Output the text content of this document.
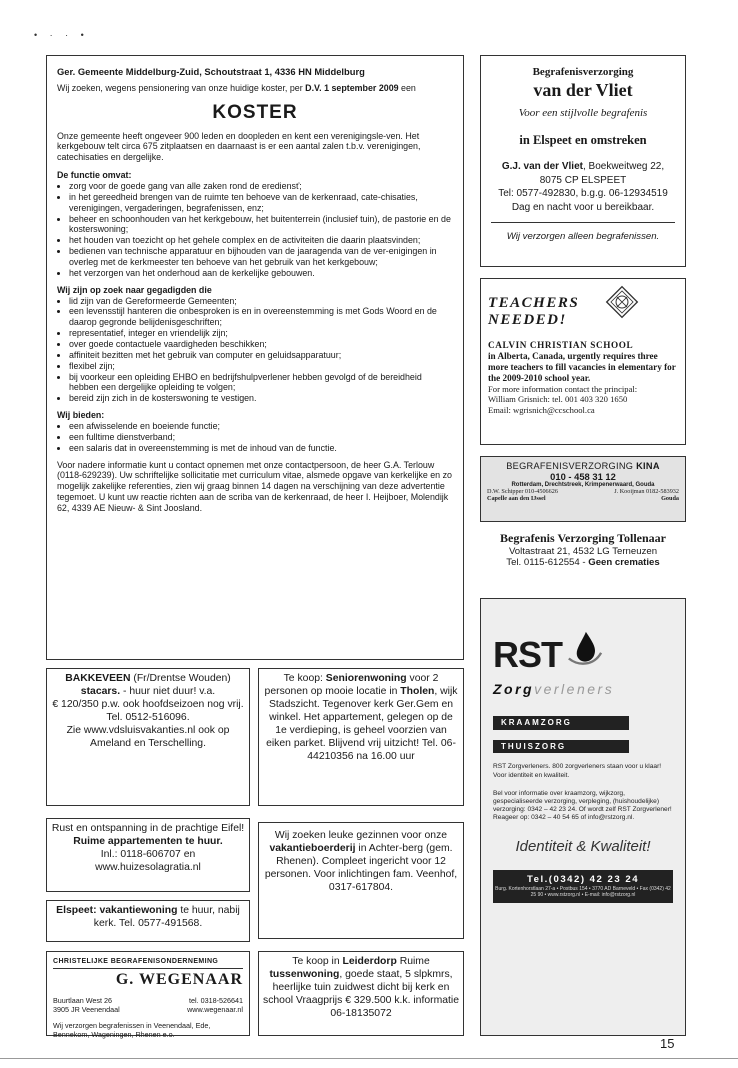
• · · •
Ger. Gemeente Middelburg-Zuid, Schoutstraat 1, 4336 HN Middelburg

Wij zoeken, wegens pensionering van onze huidige koster, per D.V. 1 september 2009 een

KOSTER

Onze gemeente heeft ongeveer 900 leden en doopleden en kent een verenigingsle-ven. Het kerkgebouw telt circa 675 zitplaatsen en daarnaast is er een aantal zalen t.b.v. verenigingen, catechisaties en dergelijke.

De functie omvat:
• zorg voor de goede gang van alle zaken rond de erediensť;
• in het gereedheid brengen van de ruimte ten behoeve van de kerkenraad, cate-chisaties, verenigingen, vergaderingen, begrafenissen, enz;
• beheer en schoonhouden van het kerkgebouw, het buitenterrein (inclusief tuin), de pastorie en de kosterswoning;
• het houden van toezicht op het gehele complex en de activiteiten die daarin plaatsvinden;
• bedienen van technische apparatuur en bijhouden van de jaaragenda van de ver-enigingen in overleg met de kerkmeester ten behoeve van het gebruik van het kerkgebouw;
• het verzorgen van het onderhoud aan de kerkelijke gebouwen.
Wij zijn op zoek naar gegadigden die
• lid zijn van de Gereformeerde Gemeenten;
• een levensstijl hanteren die onbesproken is en in overeenstemming is met Gods Woord en de daarop gegronde belijdenisgeschriften;
• representatief, integer en vriendelijk zijn;
• over goede contactuele vaardigheden beschikken;
• affiniteit bezitten met het gebruik van computer en geluidsapparatuur;
• flexibel zijn;
• bij voorkeur een opleiding EHBO en bedrijfshulpverlener hebben gevolgd of de bereidheid hebben een dergelijke opleiding te volgen;
• bereid zijn zich in de kosterswoning te vestigen.
Wij bieden:
• een afwisselende en boeiende functie;
• een fulltime dienstverband;
• een salaris dat in overeenstemming is met de inhoud van de functie.

Voor nadere informatie kunt u contact opnemen met onze contactpersoon, de heer G.A. Terlouw (0118-629239). Uw schriftelijke sollicitatie met curriculum vitae, alsmede opgave van kerkelijke en zo mogelijk zakelijke referenties, zien wij graag binnen 14 dagen na verschijning van deze advertentie tegemoet. U kunt uw reactie richten aan de scriba van de kerkenraad, de heer I. Heijboer, Molendijk 62, 4339 AE Nieuw- & Sint Joosland.

Begrafenisverzorging
van der Vliet
Voor een stijlvolle begrafenis
in Elspeet en omstreken
G.J. van der Vliet, Boekweitweg 22,
8075 CP ELSPEET
Tel: 0577-492830, b.g.g. 06-12934519
Dag en nacht voor u bereikbaar.
Wij verzorgen alleen begrafenissen.
TEACHERS
NEEDED!
CALVIN CHRISTIAN SCHOOL
in Alberta, Canada, urgently requires three more teachers to fill vacancies in elementary for the 2009-2010 school year.
For more information contact the principal:
William Grisnich: tel. 001 403 320 1650
Email: wgrisnich@ccschool.ca
BEGRAFENISVERZORGING KINA
010 - 458 31 12
Rotterdam, Drechtstreek, Krimpenerwaard, Gouda
D.W. Schipper 010-4506626	J. Kooijman 0182-583932
Capelle aan den IJssel	Gouda
Begrafenis Verzorging Tollenaar
Voltastraat 21, 4532 LG Terneuzen
Tel. 0115-612554 - Geen crematies
RST
Zorgverleners
KRAAMZORG
THUISZORG
RST Zorgverleners. 800 zorgverleners staan voor u klaar! Voor identiteit en kwaliteit.
Bel voor informatie over kraamzorg, wijkzorg, gespecialiseerde verzorging, verpleging, (huishoudelijke) verzorging: 0342 – 42 23 24. Of wordt zelf RST Zorgverlener! Reageer op: 0342 – 40 54 65 of info@rstzorg.nl.
Identiteit & Kwaliteit!
Tel.(0342) 42 23 24
Burg. Kortenhorstlaan 27-a • Postbus 154 • 3770 AD Barneveld • Fax (0342) 42 25 90 • www.rstzorg.nl • E-mail: info@rstzorg.nl
BAKKEVEEN (Fr/Drentse Wouden)
stacars. - huur niet duur! v.a.
€ 120/350 p.w. ook hoofdseizoen nog vrij. Tel. 0512-516096.
Zie www.vdsluisvakanties.nl ook op Ameland en Terschelling.
Rust en ontspanning in de prachtige Eifel!
Ruime appartementen te huur.
Inl.: 0118-606707 en www.huizesolagratia.nl
Elspeet: vakantiewoning te huur, nabij kerk. Tel. 0577-491568.
CHRISTELIJKE BEGRAFENISONDERNEMING
G. WEGENAAR
Buurtlaan West 26	tel. 0318-526641
3905 JR Veenendaal	www.wegenaar.nl
Wij verzorgen begrafenissen in Veenendaal, Ede, Bennekom, Wageningen, Rhenen e.o.
Te koop: Seniorenwoning voor 2 personen op mooie locatie in Tholen, wijk Stadszicht. Tegenover kerk Ger.Gem en winkel. Het appartement, gelegen op de 1e verdieping, is geheel voorzien van eiken parket. Blijvend vrij uitzicht! Tel. 06- 44210356 na 16.00 uur
Wij zoeken leuke gezinnen voor onze vakantieboerderij in Achter-berg (gem. Rhenen). Compleet ingericht voor 12 personen. Voor inlichtingen fam. Veenhof, 0317-617804.
Te koop in Leiderdorp Ruime tussenwoning, goede staat, 5 slpkmrs, heerlijke tuin zuidwest dicht bij kerk en school Vraagprijs € 329.500 k.k. informatie 06-18135072
15
